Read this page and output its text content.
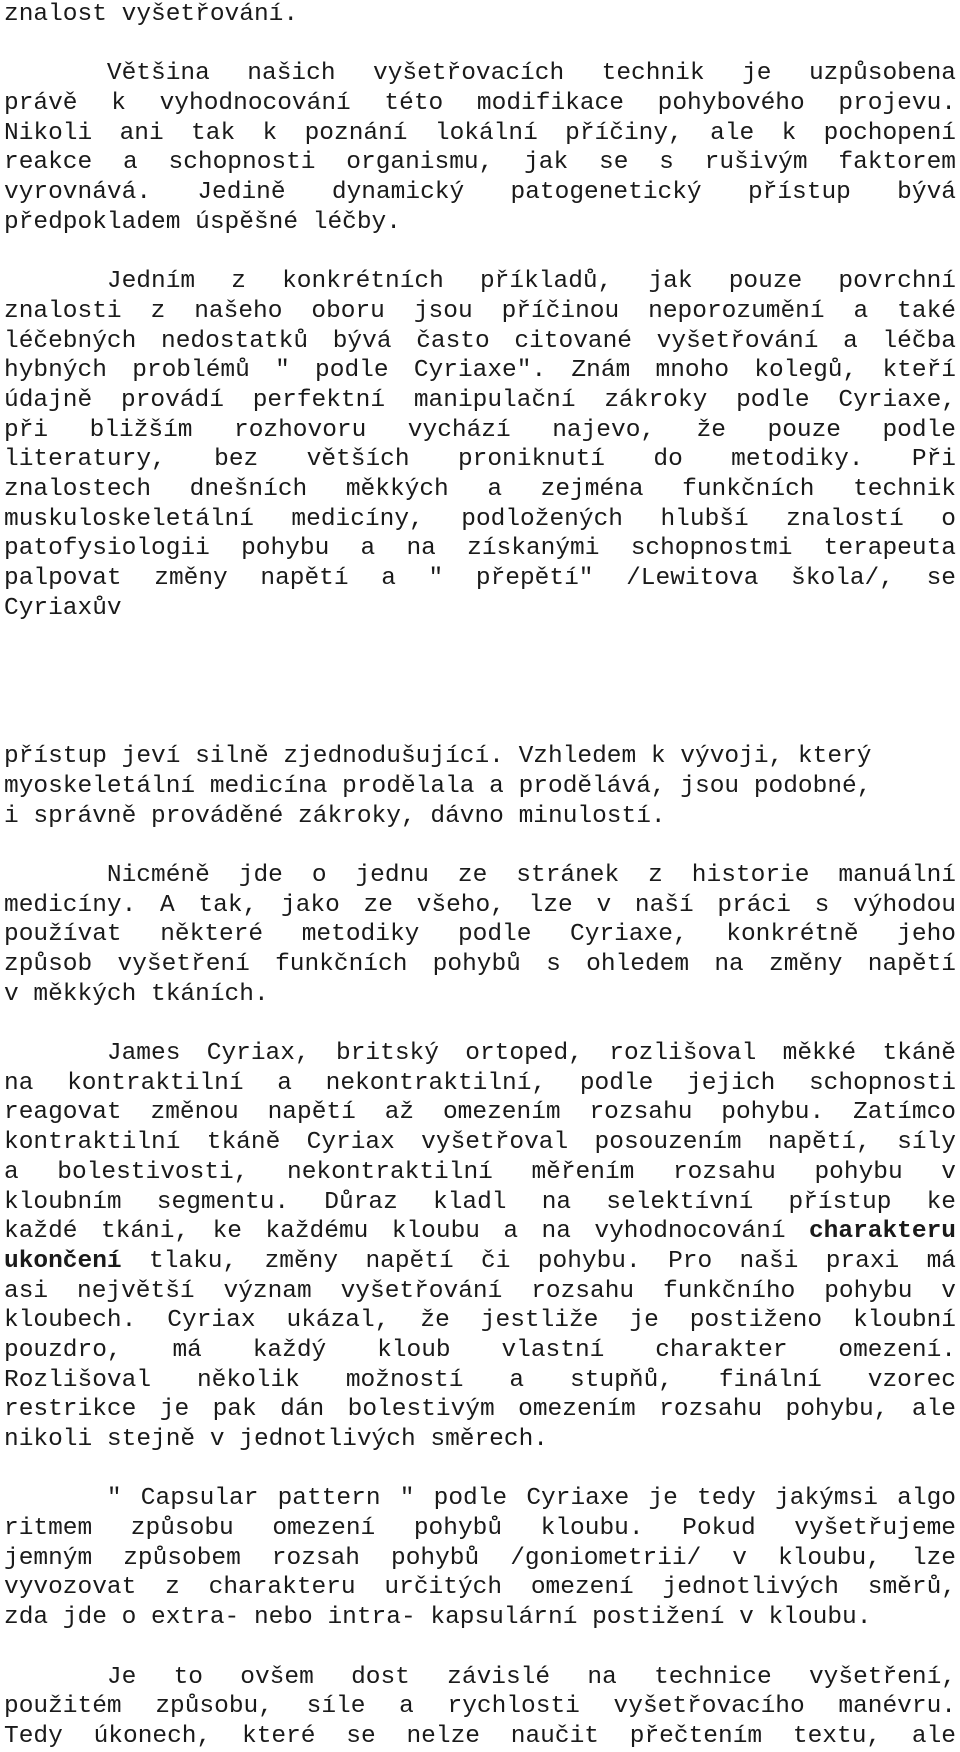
znalost vyšetřování.
Většina našich vyšetřovacích technik je uzpůsobena
právě k vyhodnocování této modifikace pohybového projevu.
Nikoli ani tak k poznání lokální příčiny, ale k pochopení
reakce a schopnosti organismu, jak se s rušivým faktorem
vyrovnává. Jedině dynamický patogenetický přístup bývá
předpokladem úspěšné léčby.
Jedním z konkrétních příkladů, jak pouze povrchní
znalosti z našeho oboru jsou příčinou neporozumění a také
léčebných nedostatků bývá často citované vyšetřování a léčba
hybných problémů " podle Cyriaxe". Znám mnoho kolegů, kteří
údajně provádí perfektní manipulační zákroky podle Cyriaxe,
při bližším rozhovoru vychází najevo, že pouze podle
literatury, bez větších proniknutí do metodiky. Při
znalostech dnešních měkkých a zejména funkčních technik
muskuloskeletální medicíny, podložených hlubší znalostí o
patofysiologii pohybu a na získanými schopnostmi terapeuta
palpovat změny napětí a " přepětí" /Lewitova škola/, se
Cyriaxův
přístup jeví silně zjednodušující. Vzhledem k vývoji, který
myoskeletální medicína prodělala a prodělává, jsou podobné,
i správně prováděné zákroky, dávno minulostí.
Nicméně jde o jednu ze stránek z historie manuální
medicíny. A tak, jako ze všeho, lze v naší práci s výhodou
používat některé metodiky podle Cyriaxe, konkrétně jeho
způsob vyšetření funkčních pohybů s ohledem na změny napětí
v měkkých tkáních.
James Cyriax, britský ortoped, rozlišoval měkké tkáně
na kontraktilní a nekontraktilní, podle jejich schopnosti
reagovat změnou napětí až omezením rozsahu pohybu. Zatímco
kontraktilní tkáně Cyriax vyšetřoval posouzením napětí, síly
a bolestivosti, nekontraktilní měřením rozsahu pohybu v
kloubním segmentu. Důraz kladl na selektívní přístup ke
každé tkáni, ke každému kloubu a na vyhodnocování charakteru
ukončení tlaku, změny napětí či pohybu. Pro naši praxi má
asi největší význam vyšetřování rozsahu funkčního pohybu v
kloubech. Cyriax ukázal, že jestliže je postiženo kloubní
pouzdro, má každý kloub vlastní charakter omezení.
Rozlišoval několik možností a stupňů, finální vzorec
restrikce je pak dán bolestivým omezením rozsahu pohybu, ale
nikoli stejně v jednotlivých směrech.
" Capsular pattern " podle Cyriaxe je tedy jakýmsi algo
ritmem způsobu omezení pohybů kloubu. Pokud vyšetřujeme
jemným způsobem rozsah pohybů /goniometrii/ v kloubu, lze
vyvozovat z charakteru určitých omezení jednotlivých směrů,
zda jde o extra- nebo intra- kapsulární postižení v kloubu.
Je to ovšem dost závislé na technice vyšetření,
použitém způsobu, síle a rychlosti vyšetřovacího manévru.
Tedy úkonech, které se nelze naučit přečtením textu, ale
